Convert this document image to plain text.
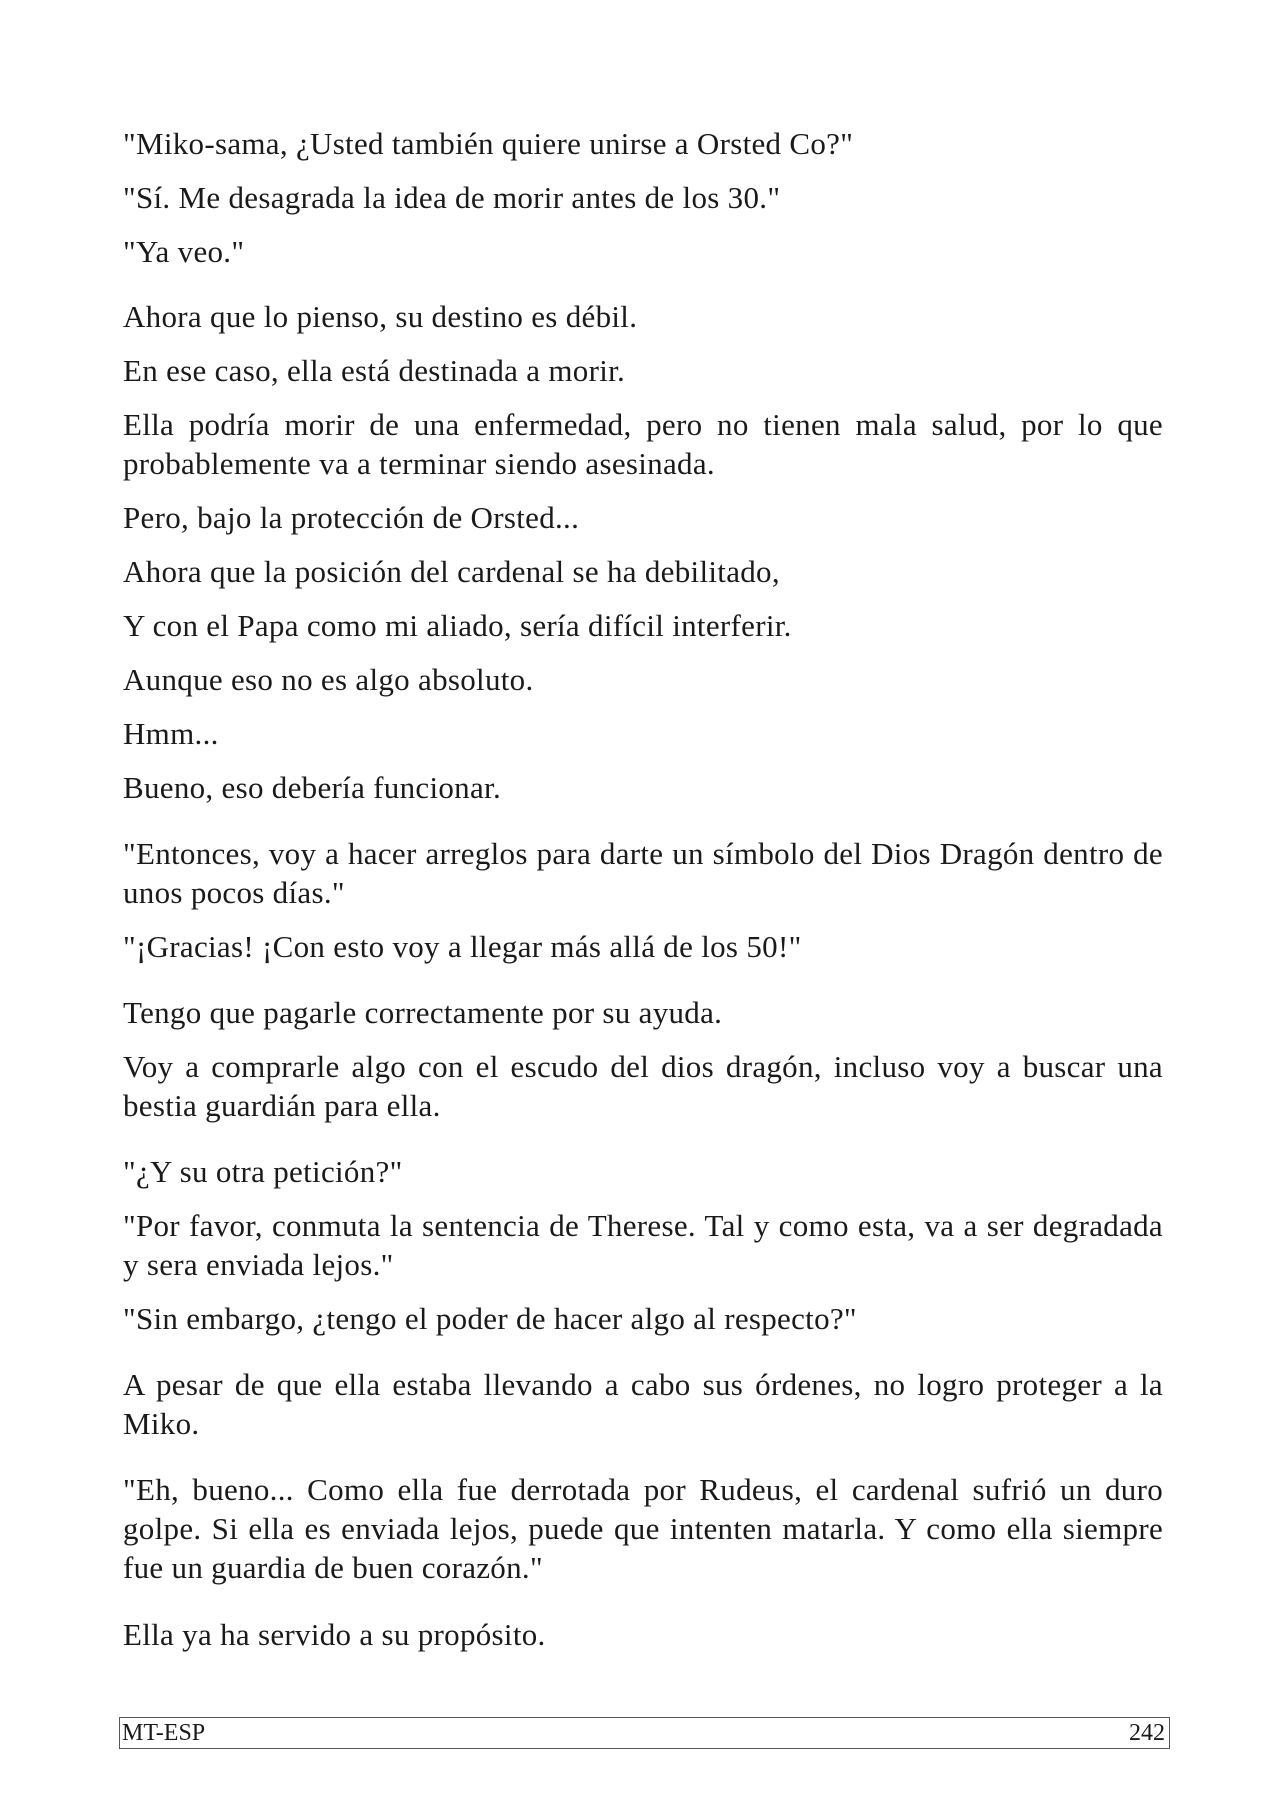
"Miko-sama, ¿Usted también quiere unirse a Orsted Co?"

"Sí. Me desagrada la idea de morir antes de los 30."

"Ya veo."

Ahora que lo pienso, su destino es débil.

En ese caso, ella está destinada a morir.

Ella podría morir de una enfermedad, pero no tienen mala salud, por lo que probablemente va a terminar siendo asesinada.

Pero, bajo la protección de Orsted...

Ahora que la posición del cardenal se ha debilitado,

Y con el Papa como mi aliado, sería difícil interferir.

Aunque eso no es algo absoluto.

Hmm...

Bueno, eso debería funcionar.

"Entonces, voy a hacer arreglos para darte un símbolo del Dios Dragón dentro de unos pocos días."

"¡Gracias! ¡Con esto voy a llegar más allá de los 50!"

Tengo que pagarle correctamente por su ayuda.

Voy a comprarle algo con el escudo del dios dragón, incluso voy a buscar una bestia guardián para ella.

"¿Y su otra petición?"

"Por favor, conmuta la sentencia de Therese. Tal y como esta, va a ser degradada y sera enviada lejos."

"Sin embargo, ¿tengo el poder de hacer algo al respecto?"

A pesar de que ella estaba llevando a cabo sus órdenes, no logro proteger a la Miko.

"Eh, bueno... Como ella fue derrotada por Rudeus, el cardenal sufrió un duro golpe. Si ella es enviada lejos, puede que intenten matarla. Y como ella siempre fue un guardia de buen corazón."

Ella ya ha servido a su propósito.

MT-ESP	242
